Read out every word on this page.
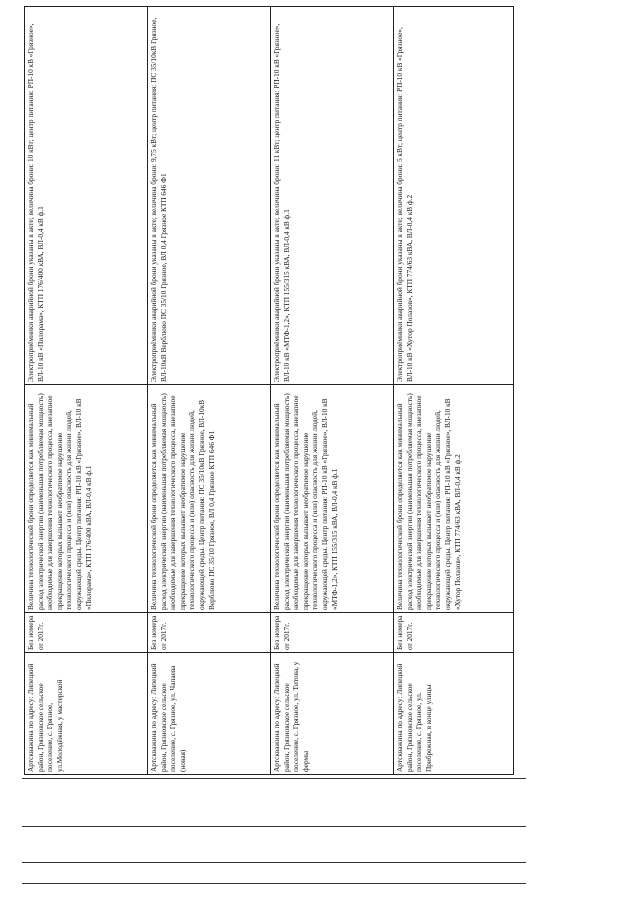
Артскважина по адресу: Липецкий район, Грязновское сельское поселение, с. Грязное, ул.Молодёжная, у мастерской	Без номера от 2017г.	Величина технологической брони определяется как минимальный расход электрической энергии (наименьшая потребляемая мощность) необходимые для завершения технологического процесса, внезапное прекращение которых вызывает необратимое нарушение технологического процесса и (или) опасность для жизни людей, окружающей среды. Центр питания: РП-10 кВ «Грязное», ВЛ-10 кВ «Пилорама», КТП 176/400 кВА, ВЛ-0,4 кВ ф.1	Электроприёмники аварийной брони указаны в акте; величина брони: 10 кВт; центр питания: РП-10 кВ «Грязное», ВЛ-10 кВ «Пилорама», КТП 176/400 кВА, ВЛ-0,4 кВ ф.1
Артскважина по адресу: Липецкий район, Грязновское сельское поселение, с. Грязное, ул. Чапаева (новая)	Без номера от 2017г.	Величина технологической брони определяется как минимальный расход электрической энергии (наименьшая потребляемая мощность) необходимые для завершения технологического процесса, внезапное прекращение которых вызывает необратимое нарушение технологического процесса и (или) опасность для жизни людей, окружающей среды. Центр питания: ПС 35/10кВ Грязное, ВЛ-10кВ Верблюво ПС 35/10 Грязное, ВЛ 0,4 Грязное КТП 646 Ф1	Электроприёмники аварийной брони указаны в акте; величина брони: 9,75 кВт; центр питания: ПС 35/10кВ Грязное, ВЛ-10кВ Верблюво ПС 35/10 Грязное, ВЛ 0,4 Грязное КТП 646 Ф1
Артскважина по адресу: Липецкий район, Грязновское сельское поселение, с. Грязное, ул. Титова, у фермы	Без номера от 2017г.	Величина технологической брони определяется как минимальный расход электрической энергии (наименьшая потребляемая мощность) необходимые для завершения технологического процесса, внезапное прекращение которых вызывает необратимое нарушение технологического процесса и (или) опасность для жизни людей, окружающей среды. Центр питания: РП-10 кВ «Грязное», ВЛ-10 кВ «МТФ-1,2», КТП 155/315 кВА, ВЛ-0,4 кВ ф.1	Электроприёмники аварийной брони указаны в акте; величина брони: 11 кВт; центр питания: РП-10 кВ «Грязное», ВЛ-10 кВ «МТФ-1,2», КТП 155/315 кВА, ВЛ-0,4 кВ ф.1
Артскважина по адресу: Липецкий район, Грязновское сельское поселение, с. Грязное, ул. Прибрежная, в конце улицы	Без номера от 2017г.	Величина технологической брони определяется как минимальный расход электрической энергии (наименьшая потребляемая мощность) необходимые для завершения технологического процесса, внезапное прекращение которых вызывает необратимое нарушение технологического процесса и (или) опасность для жизни людей, окружающей среды. Центр питания: РП-10 кВ «Грязное», ВЛ-10 кВ «Хутор Полазов», КТП 774/63 кВА, ВЛ-0,4 кВ ф.2	Электроприёмники аварийной брони указаны в акте; величина брони: 5 кВт; центр питания: РП-10 кВ «Грязное», ВЛ-10 кВ «Хутор Полазов», КТП 774/63 кВА, ВЛ-0,4 кВ ф.2
